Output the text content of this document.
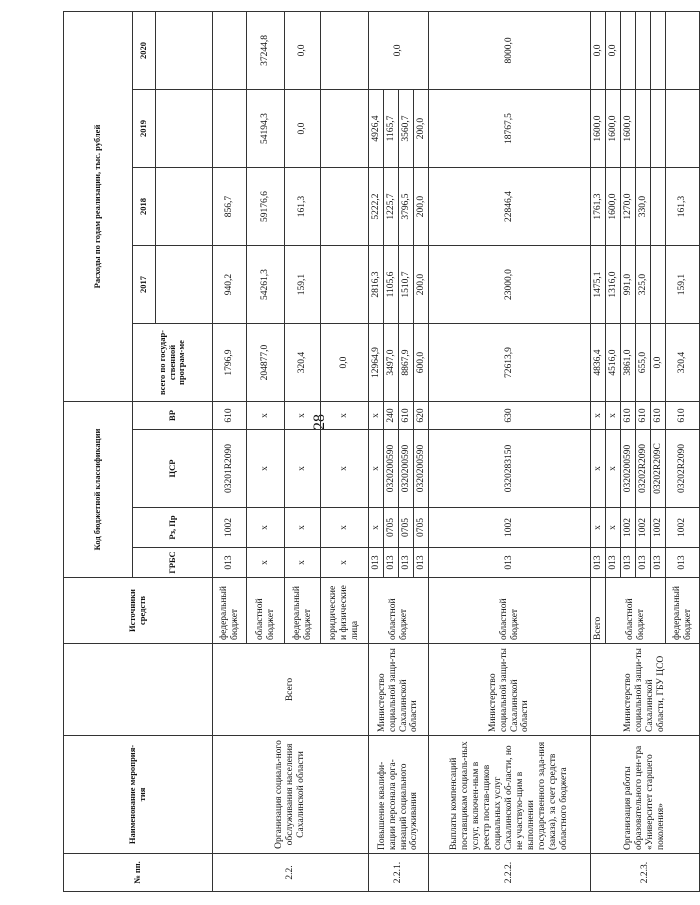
28
№ пп.	Наименование мероприя-тия		Источники средств	Код бюджетной классификации				Расходы по годам реализации, тыс. рублей				
				ГРБС	Рз, Пр	ЦСР	ВР	всего по государ-ственной програм-ме	2017	2018	2019	2020

2.2.	Организация социаль-ного обслуживания населения Сахалинской области	Всего	федеральный бюджет	013	1002	03201R2090	610	1796,9	940,2	856,7		
			областной бюджет	х	х	х	х	204877,0	54261,3	59176,6	54194,3	37244,8
			федеральный бюджет	х	х	х	х	320,4	159,1	161,3	0,0	0,0
			юридические и физические лица	х	х	х	х	0,0				
2.2.1.	Повышение квалифи-кации персонала орга-низаций социального обслуживания	Министерство социальной защи-ты Сахалинской области	областной бюджет	013	х	х	х	12964,9	2816,3	5222,2	4926,4	0,0
				013	0705	0320200590	240	3497,0	1105,6	1225,7	1165,7	
				013	0705	0320200590	610	8867,9	1510,7	3796,5	3560,7	
				013	0705	0320200590	620	600,0	200,0	200,0	200,0	
2.2.2.	Выплаты компенсаций поставщикам социаль-ных услуг, включен-ным в реестр постав-щиков социальных услуг Сахалинской об-ласти, но не участвую-щим в выполнении государственного зада-ния (заказа), за счет средств областного бюджета	Министерство социальной защи-ты Сахалинской области	областной бюджет	013	1002	0320283150	630	72613,9	23000,0	22846,4	18767,5	8000,0
2.2.3.	Организация работы образовательного цен-тра «Университет старшего поколения»	Министерство социальной защи-ты Сахалинской области, ГБУ ЦСО	Всего	013	х	х	х	4836,4	1475,1	1761,3	1600,0	0,0
			областной бюджет	013	х	х	х	4516,0	1316,0	1600,0	1600,0	0,0
				013	1002	0320200590	610	3861,0	991,0	1270,0	1600,0	
				013	1002	03202R2090	610	655,0	325,0	330,0		
				013	1002	03202R209C	610	0,0				
			федеральный бюджет	013	1002	03202R2090	610	320,4	159,1	161,3		
